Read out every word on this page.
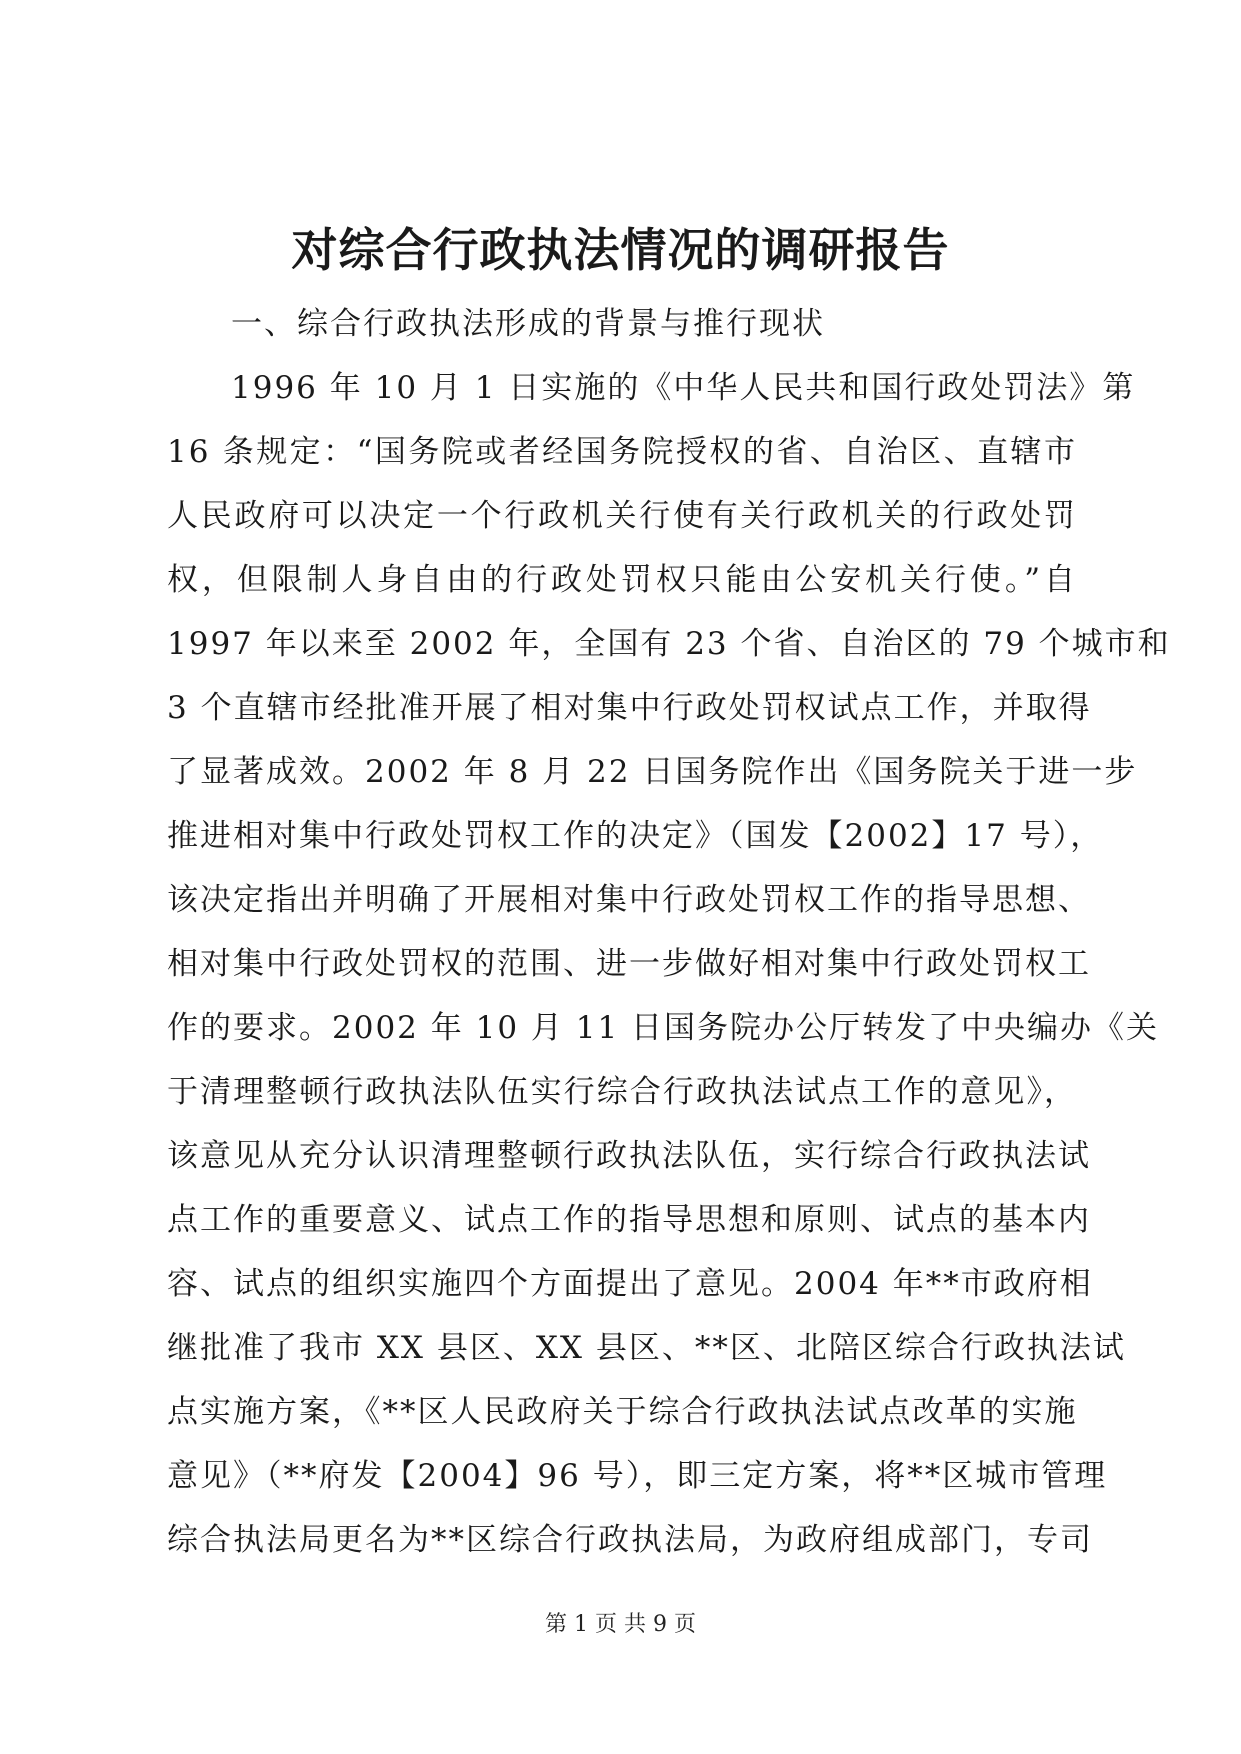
对综合行政执法情况的调研报告
一、综合行政执法形成的背景与推行现状
1996 年 10 月 1 日实施的《中华人民共和国行政处罚法》第
16 条规定：“国务院或者经国务院授权的省、自治区、直辖市
人民政府可以决定一个行政机关行使有关行政机关的行政处罚
权，但限制人身自由的行政处罚权只能由公安机关行使。”自
1997 年以来至 2002 年，全国有 23 个省、自治区的 79 个城市和
3 个直辖市经批准开展了相对集中行政处罚权试点工作，并取得
了显著成效。2002 年 8 月 22 日国务院作出《国务院关于进一步
推进相对集中行政处罚权工作的决定》（国发【2002】17 号），
该决定指出并明确了开展相对集中行政处罚权工作的指导思想、
相对集中行政处罚权的范围、进一步做好相对集中行政处罚权工
作的要求。2002 年 10 月 11 日国务院办公厅转发了中央编办《关
于清理整顿行政执法队伍实行综合行政执法试点工作的意见》，
该意见从充分认识清理整顿行政执法队伍，实行综合行政执法试
点工作的重要意义、试点工作的指导思想和原则、试点的基本内
容、试点的组织实施四个方面提出了意见。2004 年**市政府相
继批准了我市 XX 县区、XX 县区、**区、北陪区综合行政执法试
点实施方案，《**区人民政府关于综合行政执法试点改革的实施
意见》（**府发【2004】96 号），即三定方案，将**区城市管理
综合执法局更名为**区综合行政执法局，为政府组成部门，专司
第 1 页 共 9 页
